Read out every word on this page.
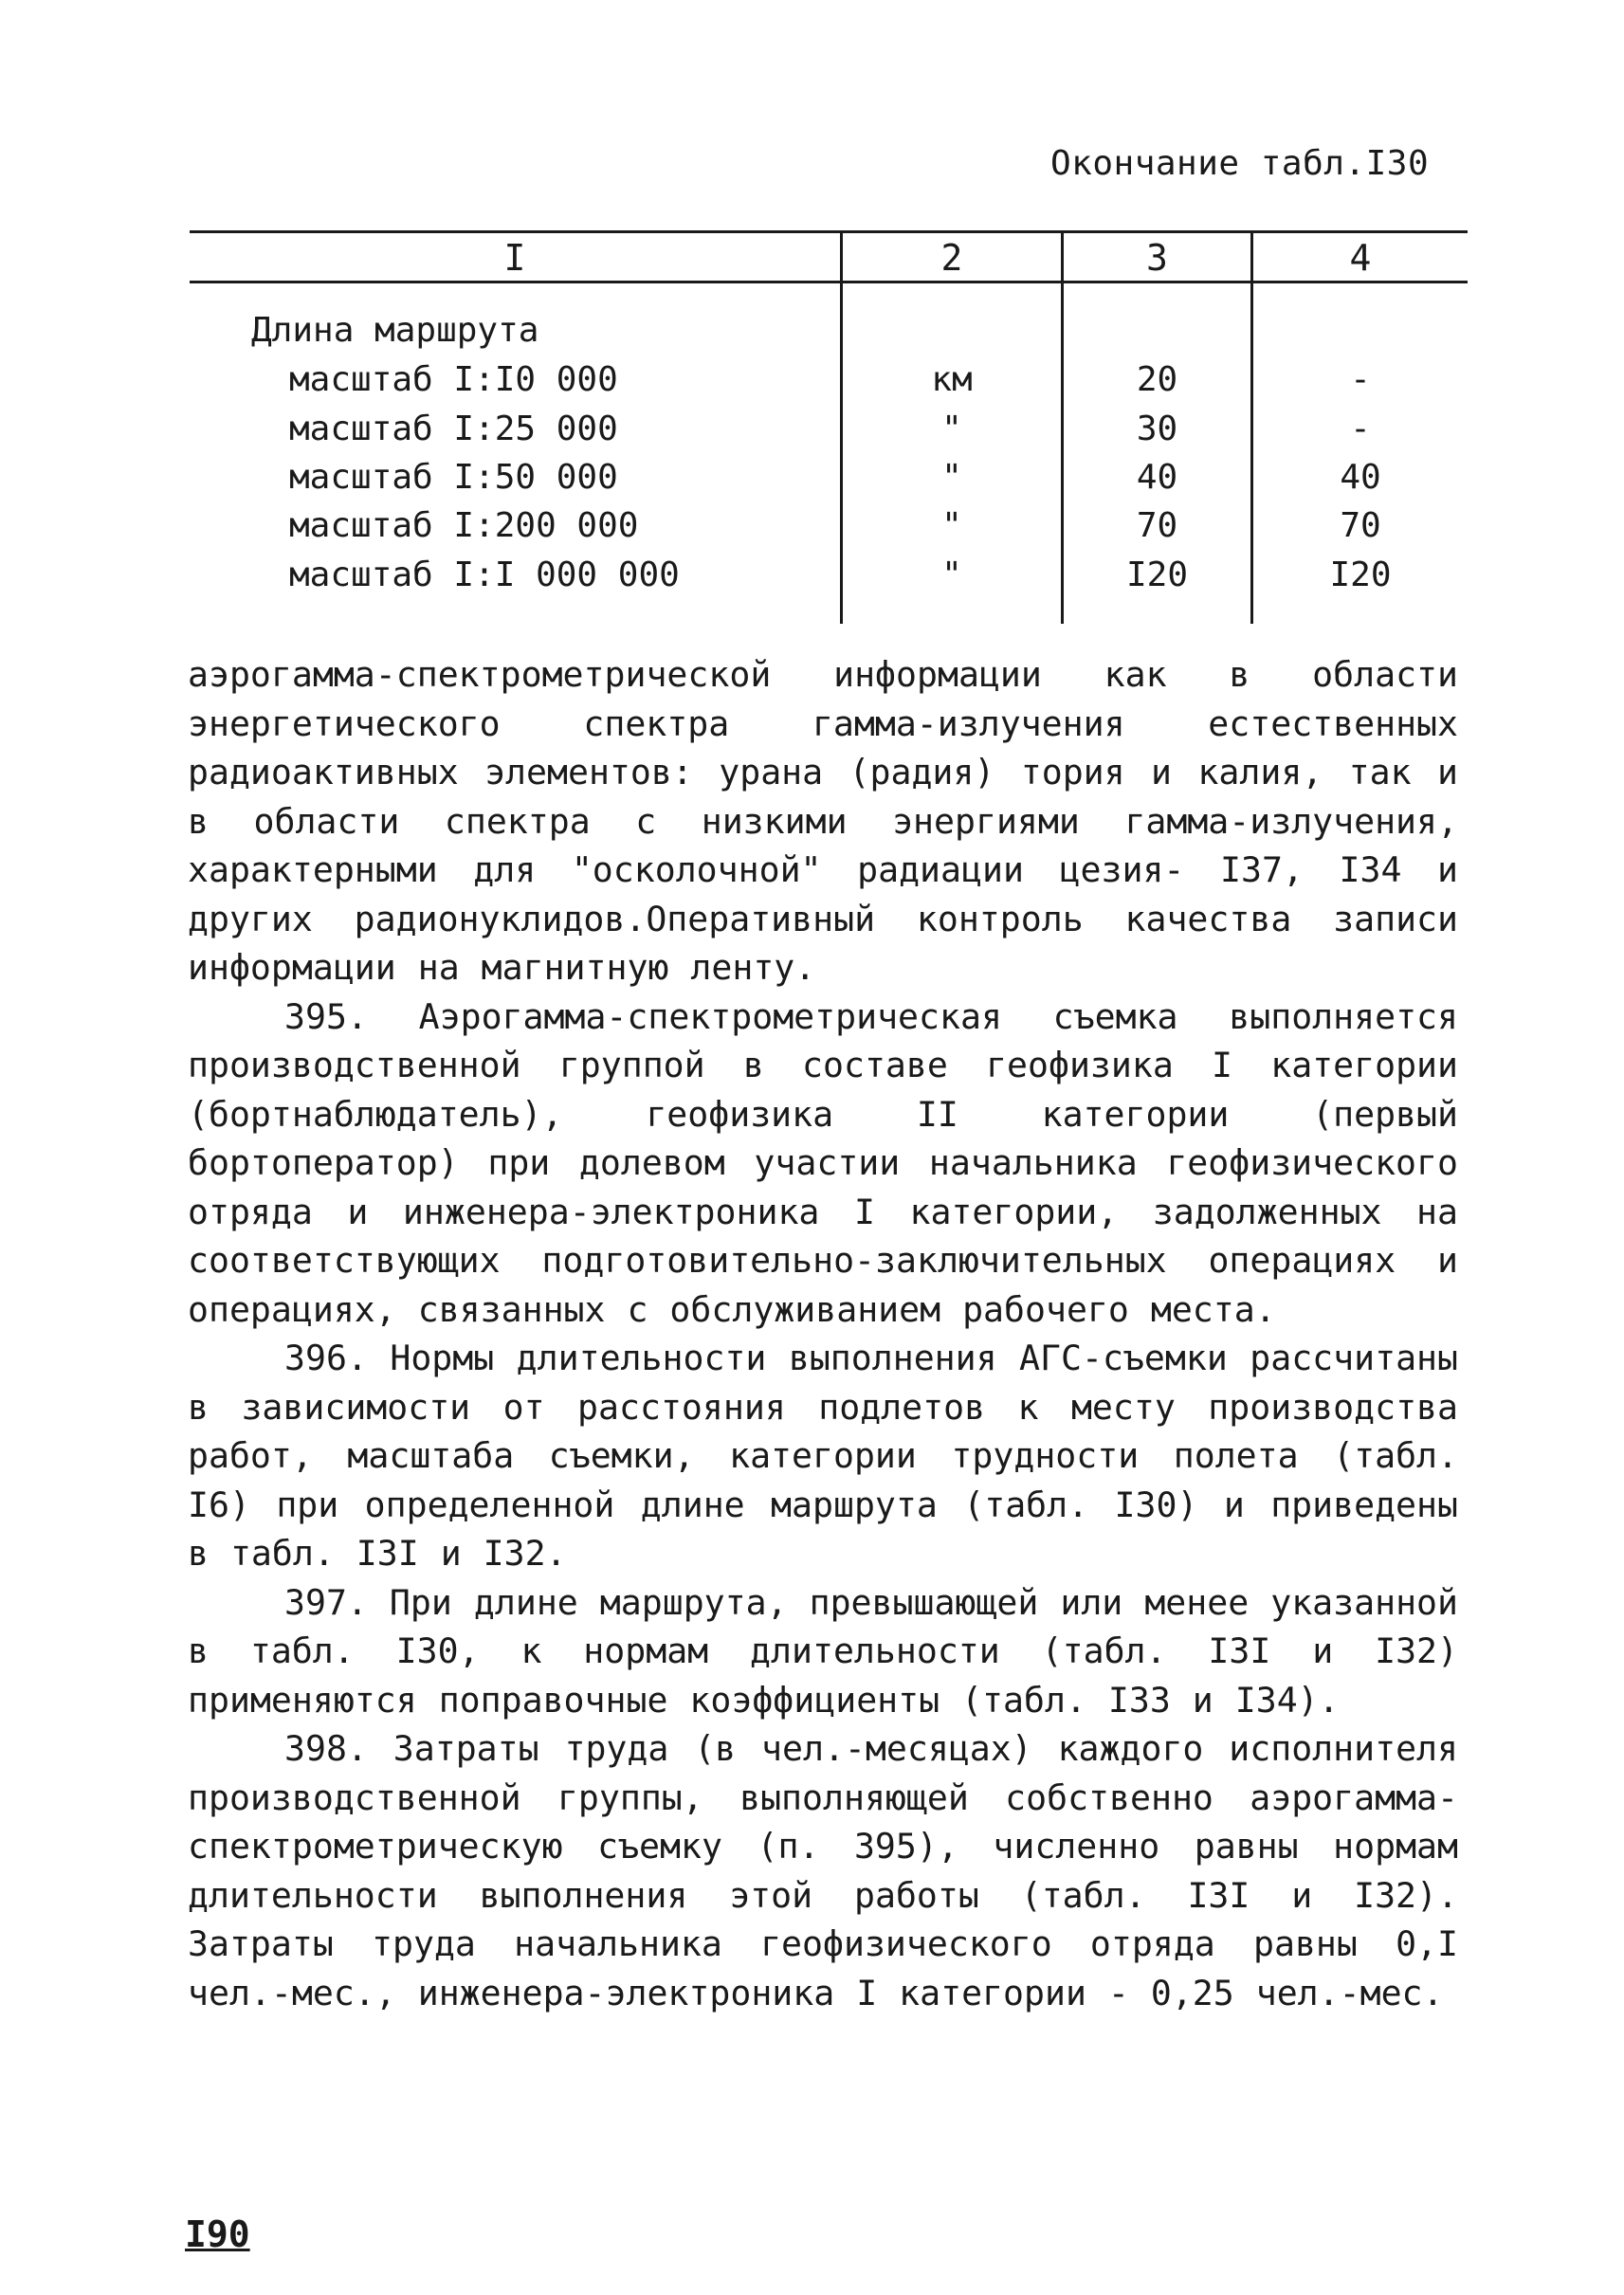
Окончание табл.I30
I	2	3	4
Длина маршрута
масштаб I:I0 000	км	20	-
масштаб I:25 000	"	30	-
масштаб I:50 000	"	40	40
масштаб I:200 000	"	70	70
масштаб I:I 000 000	"	I20	I20

аэрогамма-спектрометрической информации как в области энергетического спектра гамма-излучения естественных радиоактивных элементов: урана (радия) тория и калия, так и в области спектра с низкими энергиями гамма-излучения, характерными для "осколочной" радиации цезия- I37, I34 и других радионуклидов.Оперативный контроль качества записи информации на магнитную ленту.

395. Аэрогамма-спектрометрическая съемка выполняется производственной группой в составе геофизика I категории (бортнаблюдатель), геофизика II категории (первый бортоператор) при долевом участии начальника геофизического отряда и инженера-электроника I категории, задолженных на соответствующих подготовительно-заключительных операциях и операциях, связанных с обслуживанием рабочего места.

396. Нормы длительности выполнения АГС-съемки рассчитаны в зависимости от расстояния подлетов к месту производства работ, масштаба съемки, категории трудности полета (табл. I6) при определенной длине маршрута (табл. I30) и приведены в табл. I3I и I32.

397. При длине маршрута, превышающей или менее указанной в табл. I30, к нормам длительности (табл. I3I и I32) применяются поправочные коэффициенты (табл. I33 и I34).

398. Затраты труда (в чел.-месяцах) каждого исполнителя производственной группы, выполняющей собственно аэрогамма-спектрометрическую съемку (п. 395), численно равны нормам длительности выполнения этой работы (табл. I3I и I32). Затраты труда начальника геофизического отряда равны 0,I чел.-мес., инженера-электроника I категории - 0,25 чел.-мес.

I90
